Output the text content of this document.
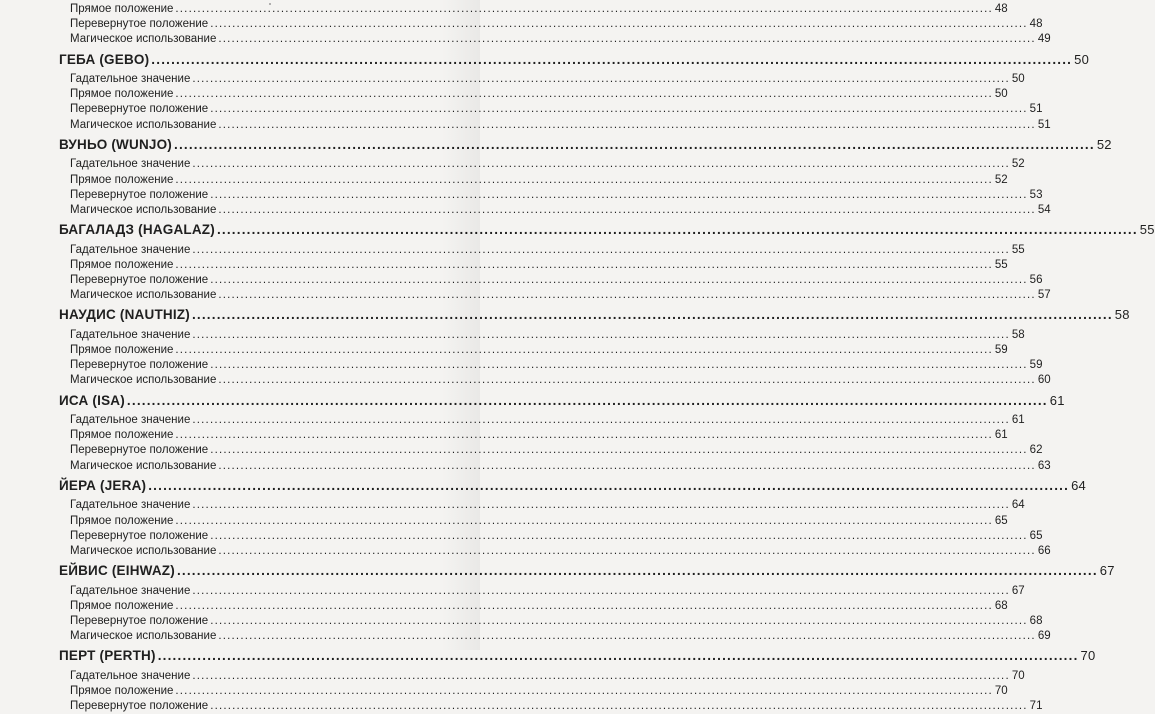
Прямое положение .....	48
Перевернутое положение .....	48
Магическое использование .....	49
ГЕБА (GEBO) .....	50
Гадательное значение .....	50
Прямое положение .....	50
Перевернутое положение .....	51
Магическое использование .....	51
ВУНЬО (WUNJO) .....	52
Гадательное значение .....	52
Прямое положение .....	52
Перевернутое положение .....	53
Магическое использование .....	54
БАГАЛАДЗ (HAGALAZ) .....	55
Гадательное значение .....	55
Прямое положение .....	55
Перевернутое положение .....	56
Магическое использование .....	57
НАУДИС (NAUTHIZ) .....	58
Гадательное значение .....	58
Прямое положение .....	59
Перевернутое положение .....	59
Магическое использование .....	60
ИСА (ISA) .....	61
Гадательное значение .....	61
Прямое положение .....	61
Перевернутое положение .....	62
Магическое использование .....	63
ЙЕРА (JERA) .....	64
Гадательное значение .....	64
Прямое положение .....	65
Перевернутое положение .....	65
Магическое использование .....	66
ЕЙВИС (EIHWAZ) .....	67
Гадательное значение .....	67
Прямое положение .....	68
Перевернутое положение .....	68
Магическое использование .....	69
ПЕРТ (PERTH) .....	70
Гадательное значение .....	70
Прямое положение .....	70
Перевернутое положение .....	71
